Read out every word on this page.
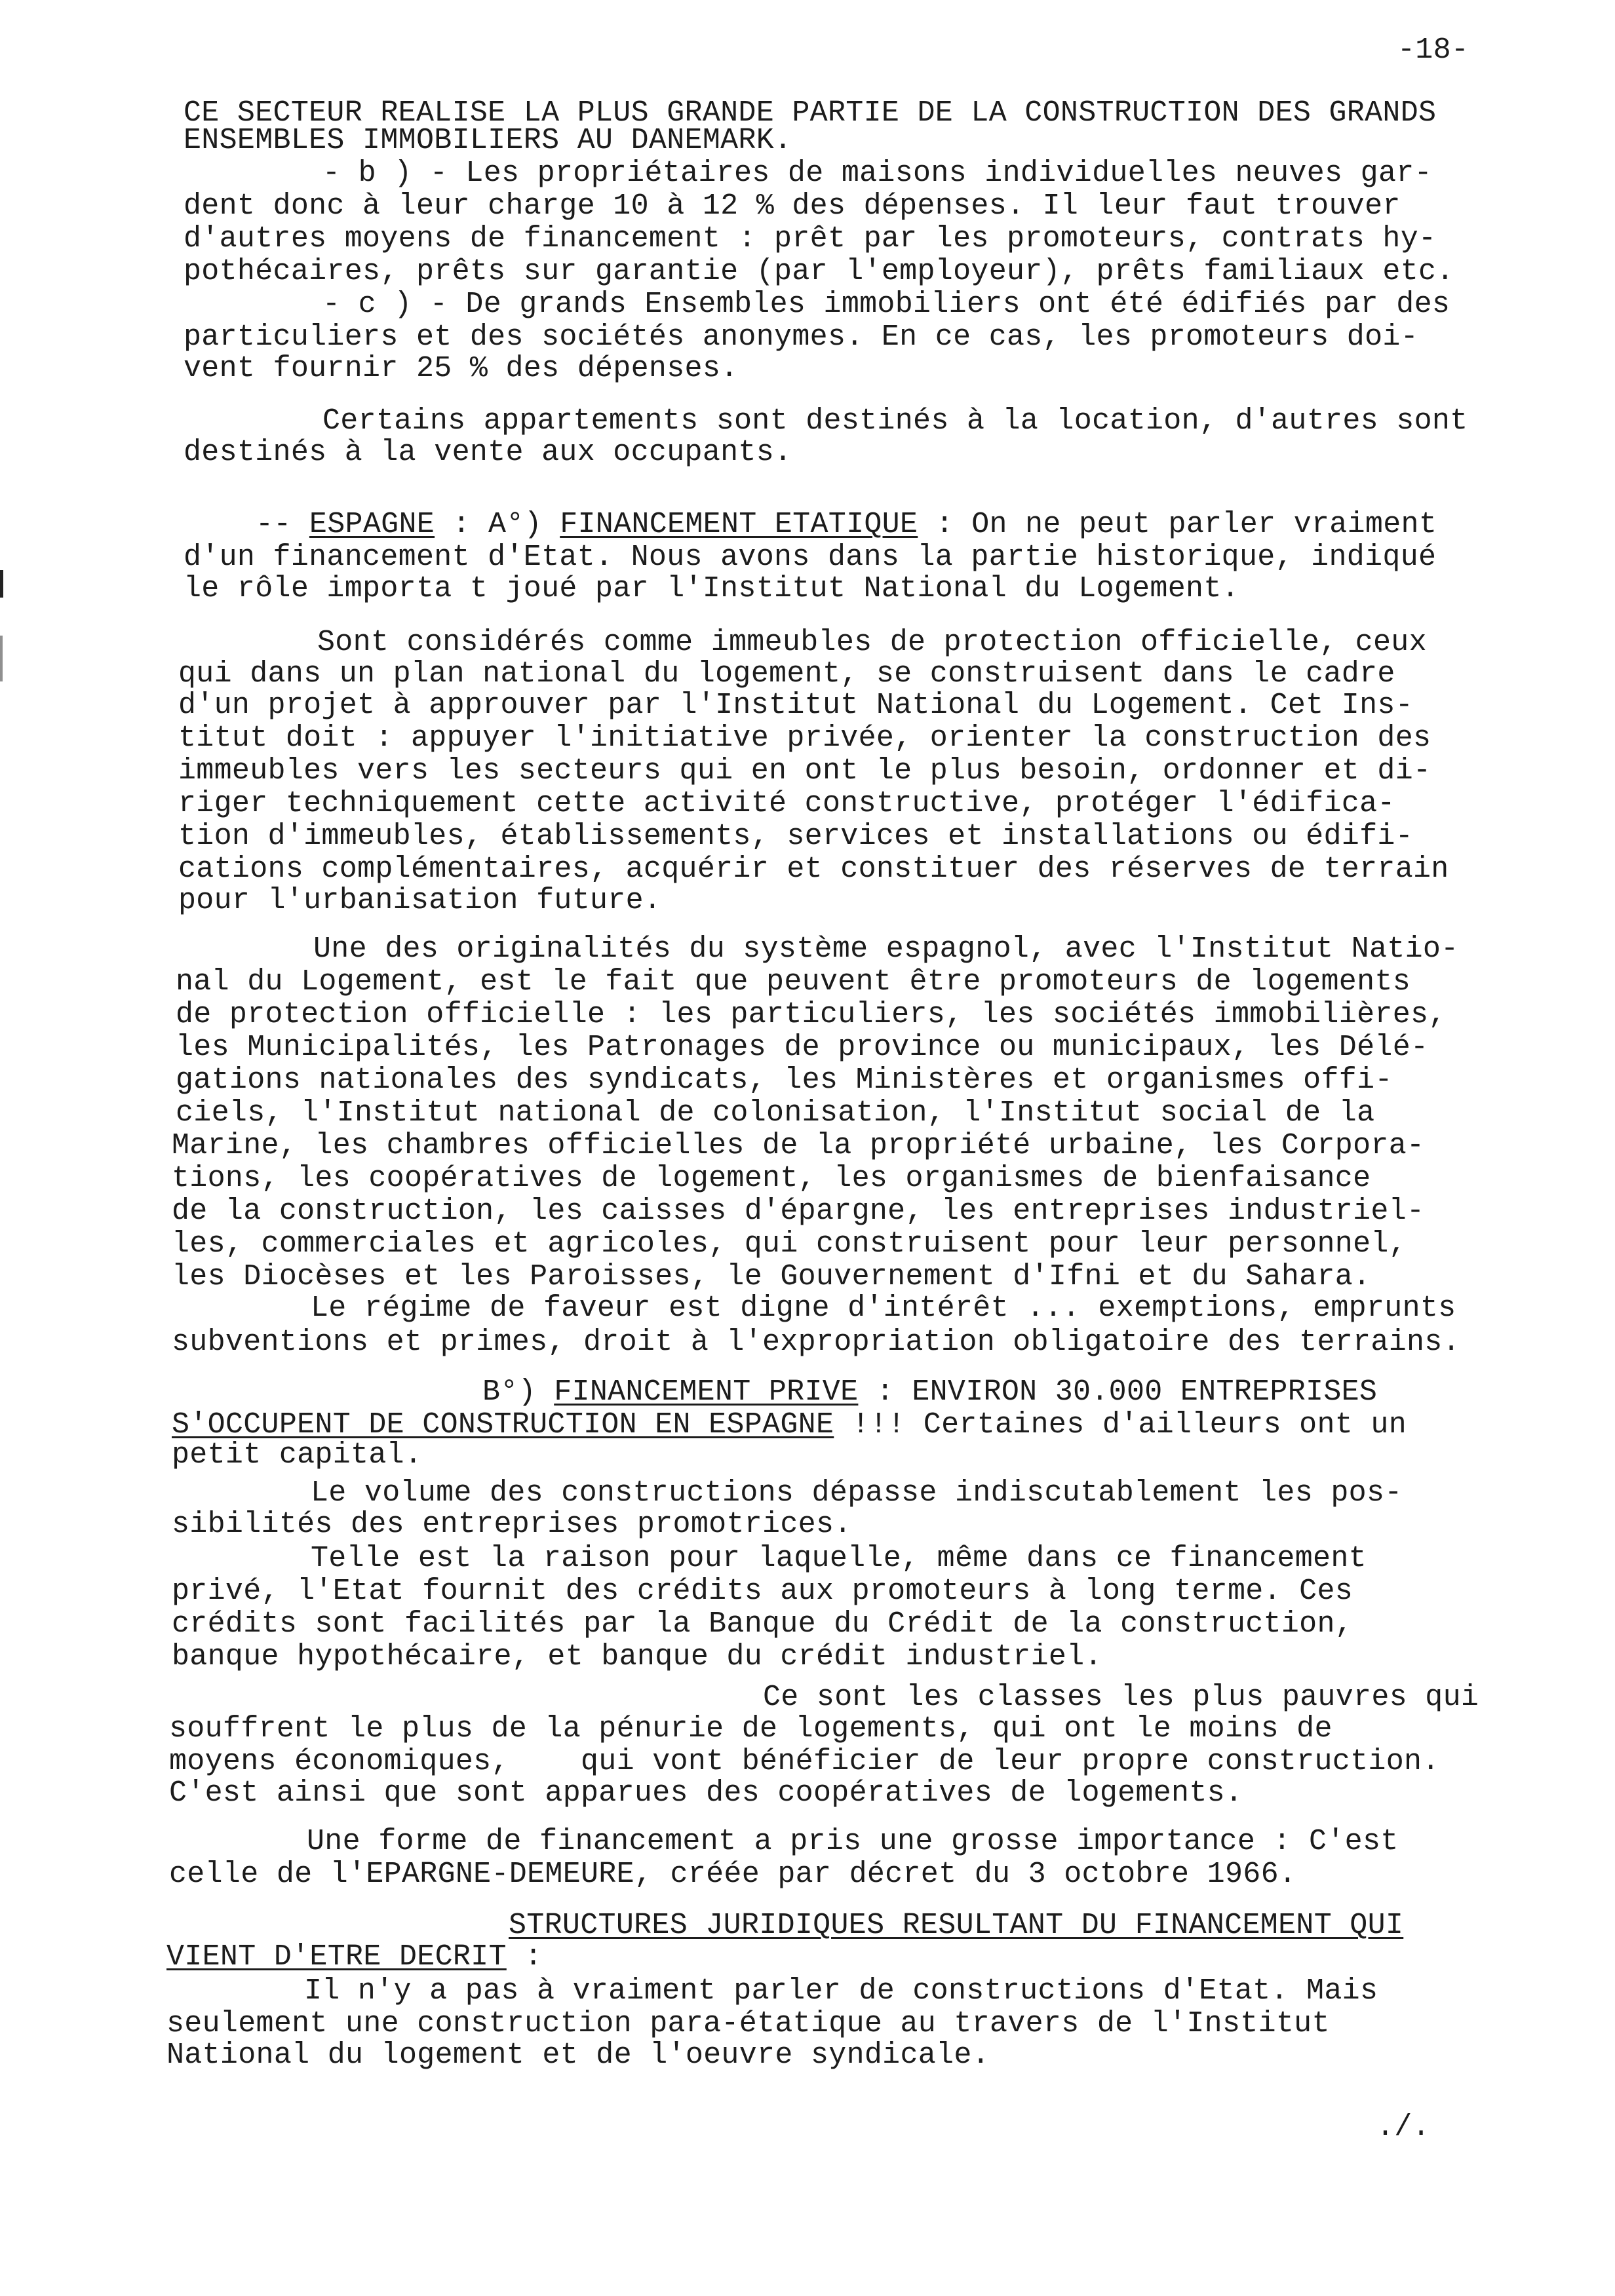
-18-
CE SECTEUR REALISE LA PLUS GRANDE PARTIE DE LA CONSTRUCTION DES GRANDS
ENSEMBLES IMMOBILIERS AU DANEMARK.
- b ) - Les propriétaires de maisons individuelles neuves gar-
dent donc à leur charge 10 à 12 % des dépenses. Il leur faut trouver
d'autres moyens de financement : prêt par les promoteurs, contrats hy-
pothécaires, prêts sur garantie (par l'employeur), prêts familiaux etc.
- c ) - De grands Ensembles immobiliers ont été édifiés par des
particuliers et des sociétés anonymes. En ce cas, les promoteurs doi-
vent fournir 25 % des dépenses.
Certains appartements sont destinés à la location, d'autres sont
destinés à la vente aux occupants.
-- ESPAGNE : A°) FINANCEMENT ETATIQUE : On ne peut parler vraiment
d'un financement d'Etat. Nous avons dans la partie historique, indiqué
le rôle importa t joué par l'Institut National du Logement.
Sont considérés comme immeubles de protection officielle, ceux
qui dans un plan national du logement, se construisent dans le cadre
d'un projet à approuver par l'Institut National du Logement. Cet Ins-
titut doit : appuyer l'initiative privée, orienter la construction des
immeubles vers les secteurs qui en ont le plus besoin, ordonner et di-
riger techniquement cette activité constructive, protéger l'édifica-
tion d'immeubles, établissements, services et installations ou édifi-
cations complémentaires, acquérir et constituer des réserves de terrain
pour l'urbanisation future.
Une des originalités du système espagnol, avec l'Institut Natio-
nal du Logement, est le fait que peuvent être promoteurs de logements
de protection officielle : les particuliers, les sociétés immobilières,
les Municipalités, les Patronages de province ou municipaux, les Délé-
gations nationales des syndicats, les Ministères et organismes offi-
ciels, l'Institut national de colonisation, l'Institut social de la
Marine, les chambres officielles de la propriété urbaine, les Corpora-
tions, les coopératives de logement, les organismes de bienfaisance
de la construction, les caisses d'épargne, les entreprises industriel-
les, commerciales et agricoles, qui construisent pour leur personnel,
les Diocèses et les Paroisses, le Gouvernement d'Ifni et du Sahara.
Le régime de faveur est digne d'intérêt ... exemptions, emprunts
subventions et primes, droit à l'expropriation obligatoire des terrains.
B°) FINANCEMENT PRIVE : ENVIRON 30.000 ENTREPRISES
S'OCCUPENT DE CONSTRUCTION EN ESPAGNE !!! Certaines d'ailleurs ont un
petit capital.
Le volume des constructions dépasse indiscutablement les pos-
sibilités des entreprises promotrices.
Telle est la raison pour laquelle, même dans ce financement
privé, l'Etat fournit des crédits aux promoteurs à long terme. Ces
crédits sont facilités par la Banque du Crédit de la construction,
banque hypothécaire, et banque du crédit industriel.
Ce sont les classes les plus pauvres qui
souffrent le plus de la pénurie de logements, qui ont le moins de
moyens économiques,    qui vont bénéficier de leur propre construction.
C'est ainsi que sont apparues des coopératives de logements.
Une forme de financement a pris une grosse importance : C'est
celle de l'EPARGNE-DEMEURE, créée par décret du 3 octobre 1966.
STRUCTURES JURIDIQUES RESULTANT DU FINANCEMENT QUI
VIENT D'ETRE DECRIT :
Il n'y a pas à vraiment parler de constructions d'Etat. Mais
seulement une construction para-étatique au travers de l'Institut
National du logement et de l'oeuvre syndicale.
./.
